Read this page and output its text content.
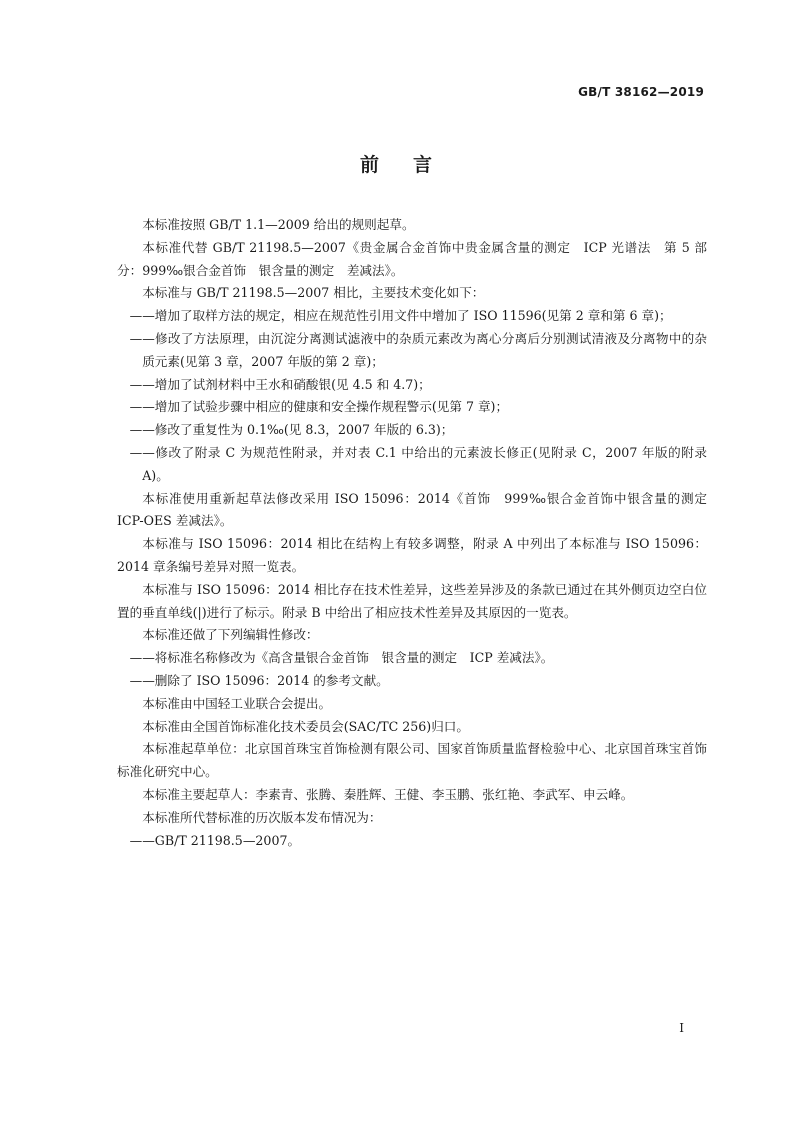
GB/T 38162—2019
前 言

本标准按照 GB/T 1.1—2009 给出的规则起草。

本标准代替 GB/T 21198.5—2007《贵金属合金首饰中贵金属含量的测定　ICP 光谱法　第 5 部分：999‰银合金首饰　银含量的测定　差减法》。

本标准与 GB/T 21198.5—2007 相比，主要技术变化如下：

——增加了取样方法的规定，相应在规范性引用文件中增加了 ISO 11596(见第 2 章和第 6 章)；

——修改了方法原理，由沉淀分离测试滤液中的杂质元素改为离心分离后分别测试清液及分离物中的杂质元素(见第 3 章，2007 年版的第 2 章)；

——增加了试剂材料中王水和硝酸银(见 4.5 和 4.7)；

——增加了试验步骤中相应的健康和安全操作规程警示(见第 7 章)；

——修改了重复性为 0.1‰(见 8.3，2007 年版的 6.3)；

——修改了附录 C 为规范性附录，并对表 C.1 中给出的元素波长修正(见附录 C，2007 年版的附录 A)。

本标准使用重新起草法修改采用 ISO 15096：2014《首饰　999‰银合金首饰中银含量的测定　ICP-OES 差减法》。

本标准与 ISO 15096：2014 相比在结构上有较多调整，附录 A 中列出了本标准与 ISO 15096：2014 章条编号差异对照一览表。

本标准与 ISO 15096：2014 相比存在技术性差异，这些差异涉及的条款已通过在其外侧页边空白位置的垂直单线(|)进行了标示。附录 B 中给出了相应技术性差异及其原因的一览表。

本标准还做了下列编辑性修改：

——将标准名称修改为《高含量银合金首饰　银含量的测定　ICP 差减法》。

——删除了 ISO 15096：2014 的参考文献。

本标准由中国轻工业联合会提出。

本标准由全国首饰标准化技术委员会(SAC/TC 256)归口。

本标准起草单位：北京国首珠宝首饰检测有限公司、国家首饰质量监督检验中心、北京国首珠宝首饰标准化研究中心。

本标准主要起草人：李素青、张腾、秦胜辉、王健、李玉鹏、张红艳、李武军、申云峰。

本标准所代替标准的历次版本发布情况为：

——GB/T 21198.5—2007。

I
